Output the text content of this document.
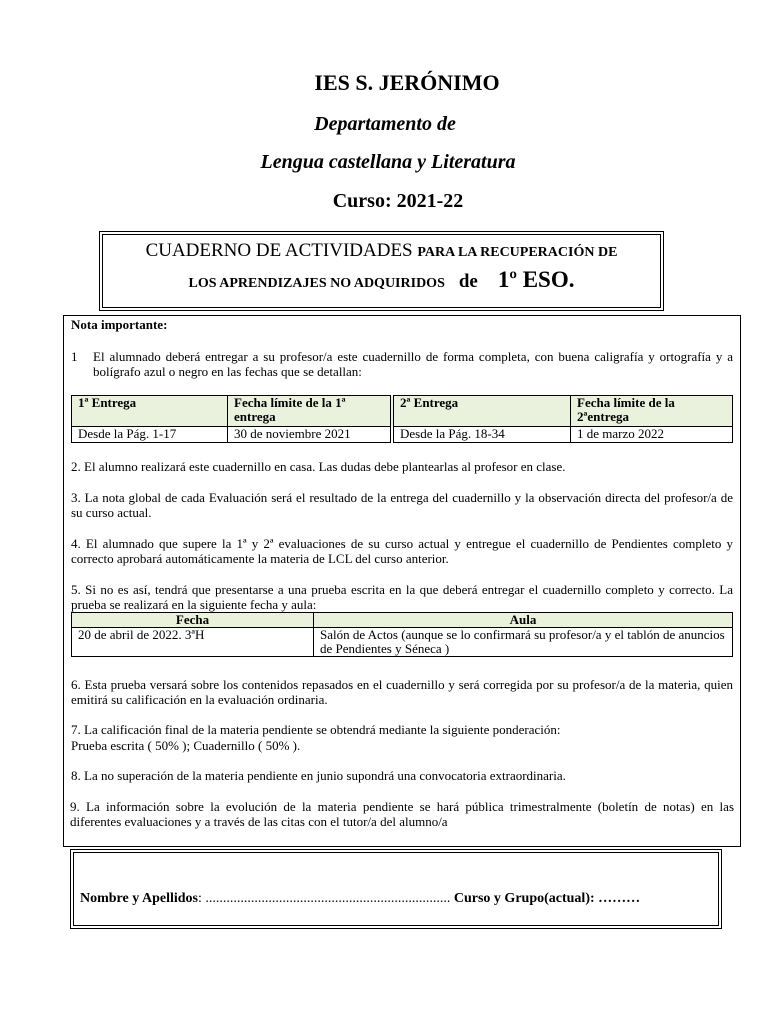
IES S. JERÓNIMO
Departamento de
Lengua castellana y Literatura
Curso: 2021-22
CUADERNO DE ACTIVIDADES PARA LA RECUPERACIÓN DE
LOS APRENDIZAJES NO ADQUIRIDOS de 1º ESO.
Nota importante:
1 El alumnado deberá entregar a su profesor/a este cuadernillo de forma completa, con buena caligrafía y ortografía y a bolígrafo azul o negro en las fechas que se detallan:
1ª Entrega	Fecha límite de la 1ª entrega	2ª Entrega	Fecha límite de la 2ªentrega
Desde la Pág. 1-17	30 de noviembre 2021	Desde la Pág. 18-34	1 de marzo 2022
2. El alumno realizará este cuadernillo en casa. Las dudas debe plantearlas al profesor en clase.
3. La nota global de cada Evaluación será el resultado de la entrega del cuadernillo y la observación directa del profesor/a de su curso actual.
4. El alumnado que supere la 1ª y 2ª evaluaciones de su curso actual y entregue el cuadernillo de Pendientes completo y correcto aprobará automáticamente la materia de LCL del curso anterior.
5. Si no es así, tendrá que presentarse a una prueba escrita en la que deberá entregar el cuadernillo completo y correcto. La prueba se realizará en la siguiente fecha y aula:
Fecha	Aula
20 de abril de 2022. 3ªH	Salón de Actos (aunque se lo confirmará su profesor/a y el tablón de anuncios de Pendientes y Séneca )
6. Esta prueba versará sobre los contenidos repasados en el cuadernillo y será corregida por su profesor/a de la materia, quien emitirá su calificación en la evaluación ordinaria.
7. La calificación final de la materia pendiente se obtendrá mediante la siguiente ponderación:
Prueba escrita ( 50% ); Cuadernillo ( 50% ).
8. La no superación de la materia pendiente en junio supondrá una convocatoria extraordinaria.
9. La información sobre la evolución de la materia pendiente se hará pública trimestralmente (boletín de notas) en las diferentes evaluaciones y a través de las citas con el tutor/a del alumno/a
Nombre y Apellidos: ...................................................................... Curso y Grupo(actual): ………
